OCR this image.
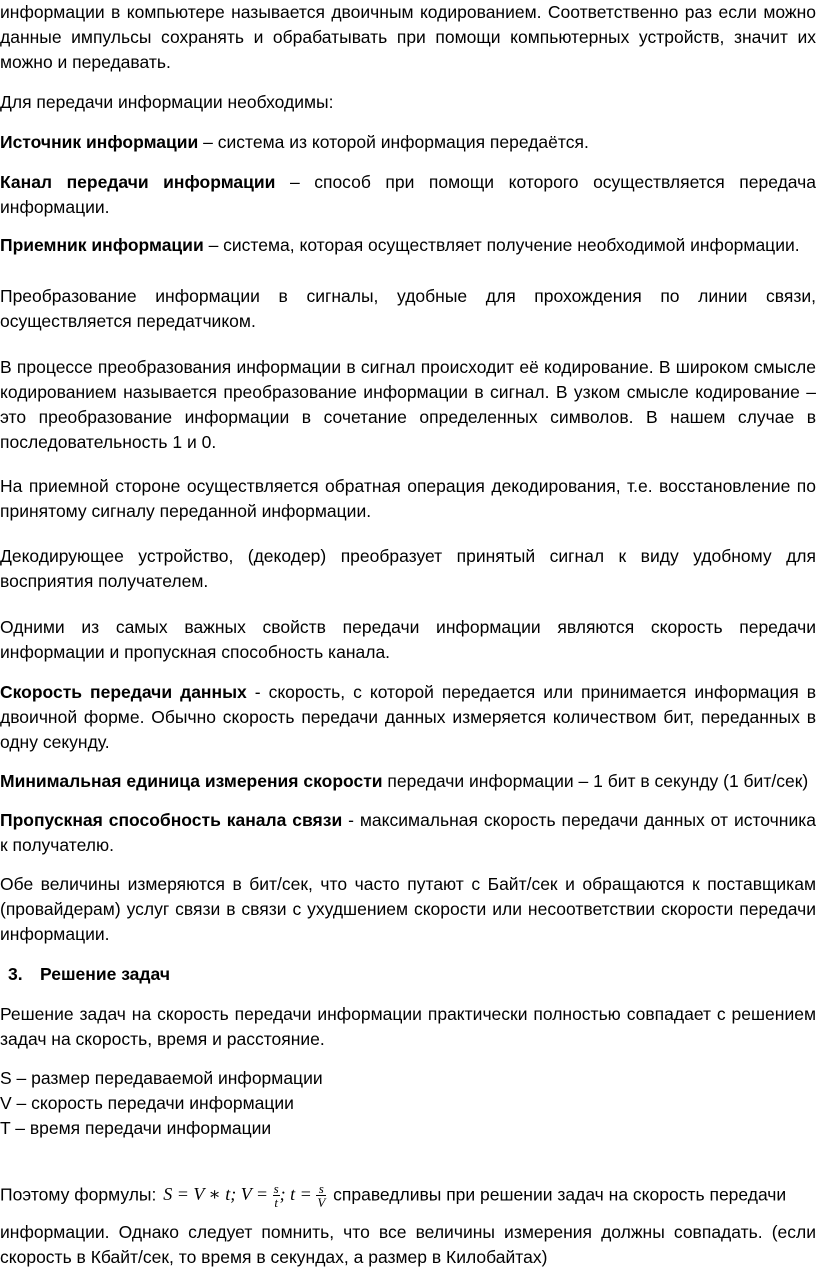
информации в компьютере называется двоичным кодированием. Соответственно раз если можно данные импульсы сохранять и обрабатывать при помощи компьютерных устройств, значит их можно и передавать.

Для передачи информации необходимы:

Источник информации – система из которой информация передаётся.

Канал передачи информации – способ при помощи которого осуществляется передача информации.

Приемник информации – система, которая осуществляет получение необходимой информации.

Преобразование информации в сигналы, удобные для прохождения по линии связи, осуществляется передатчиком.

В процессе преобразования информации в сигнал происходит её кодирование. В широком смысле кодированием называется преобразование информации в сигнал. В узком смысле кодирование – это преобразование информации в сочетание определенных символов. В нашем случае в последовательность 1 и 0.

На приемной стороне осуществляется обратная операция декодирования, т.е. восстановление по принятому сигналу переданной информации.

Декодирующее устройство, (декодер) преобразует принятый сигнал к виду удобному для восприятия получателем.

Одними из самых важных свойств передачи информации являются скорость передачи информации и пропускная способность канала.

Скорость передачи данных - скорость, с которой передается или принимается информация в двоичной форме. Обычно скорость передачи данных измеряется количеством бит, переданных в одну секунду.

Минимальная единица измерения скорости передачи информации – 1 бит в секунду (1 бит/сек)

Пропускная способность канала связи - максимальная скорость передачи данных от источника к получателю.

Обе величины измеряются в бит/сек, что часто путают с Байт/сек и обращаются к поставщикам (провайдерам) услуг связи в связи с ухудшением скорости или несоответствии скорости передачи информации.

3. Решение задач

Решение задач на скорость передачи информации практически полностью совпадает с решением задач на скорость, время и расстояние.

S – размер передаваемой информации
V – скорость передачи информации
T – время передачи информации
Поэтому формулы: S = V ∗ t; $V = \frac{s}{t}$ ; $t = \frac{s}{V}$ справедливы при решении задач на скорость передачи

информации. Однако следует помнить, что все величины измерения должны совпадать. (если скорость в Кбайт/сек, то время в секундах, а размер в Килобайтах)
